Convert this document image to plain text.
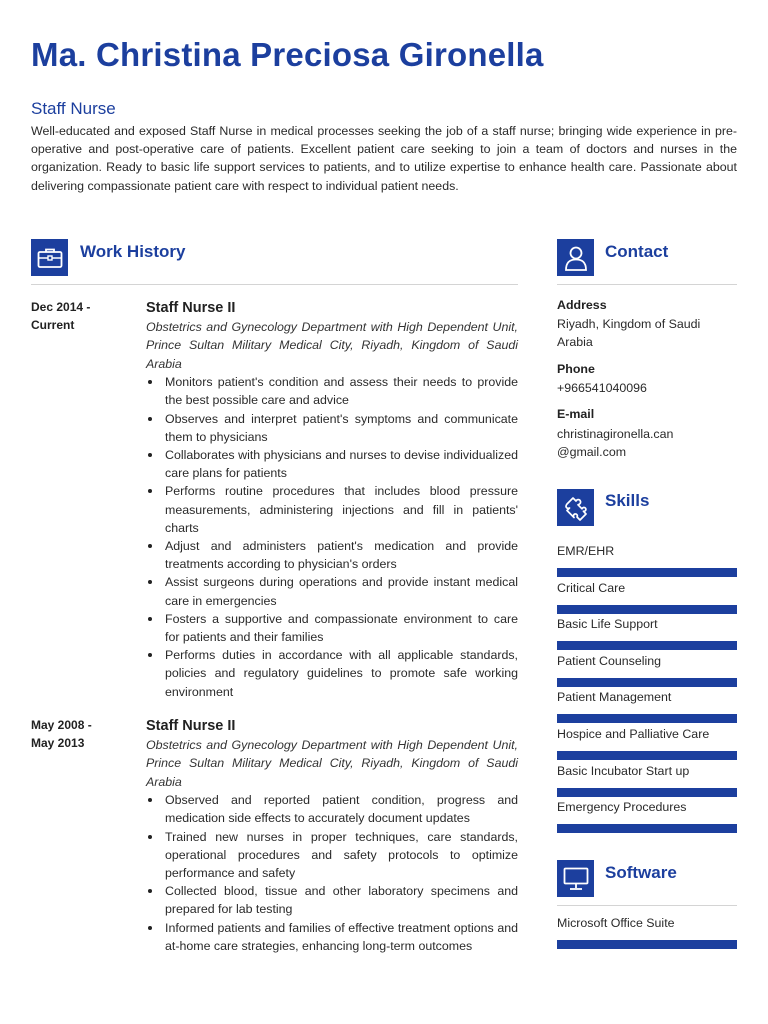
Ma. Christina Preciosa Gironella
Staff Nurse

Well-educated and exposed Staff Nurse in medical processes seeking the job of a staff nurse; bringing wide experience in pre-operative and post-operative care of patients. Excellent patient care seeking to join a team of doctors and nurses in the organization. Ready to basic life support services to patients, and to utilize expertise to enhance health care. Passionate about delivering compassionate patient care with respect to individual patient needs.

Work History
Dec 2014 -
Current
Staff Nurse II
Obstetrics and Gynecology Department with High Dependent Unit, Prince Sultan Military Medical City, Riyadh, Kingdom of Saudi Arabia
Monitors patient's condition and assess their needs to provide the best possible care and advice
Observes and interpret patient's symptoms and communicate them to physicians
Collaborates with physicians and nurses to devise individualized care plans for patients
Performs routine procedures that includes blood pressure measurements, administering injections and fill in patients' charts
Adjust and administers patient's medication and provide treatments according to physician's orders
Assist surgeons during operations and provide instant medical care in emergencies
Fosters a supportive and compassionate environment to care for patients and their families
Performs duties in accordance with all applicable standards, policies and regulatory guidelines to promote safe working environment
May 2008 -
May 2013
Staff Nurse II
Obstetrics and Gynecology Department with High Dependent Unit, Prince Sultan Military Medical City, Riyadh, Kingdom of Saudi Arabia
Observed and reported patient condition, progress and medication side effects to accurately document updates
Trained new nurses in proper techniques, care standards, operational procedures and safety protocols to optimize performance and safety
Collected blood, tissue and other laboratory specimens and prepared for lab testing
Informed patients and families of effective treatment options and at-home care strategies, enhancing long-term outcomes
Contact
Address
Riyadh, Kingdom of Saudi Arabia
Phone
+966541040096
E-mail
christinagironella.can @gmail.com
Skills
EMR/EHR
Critical Care
Basic Life Support
Patient Counseling
Patient Management
Hospice and Palliative Care
Basic Incubator Start up
Emergency Procedures
Software
Microsoft Office Suite
